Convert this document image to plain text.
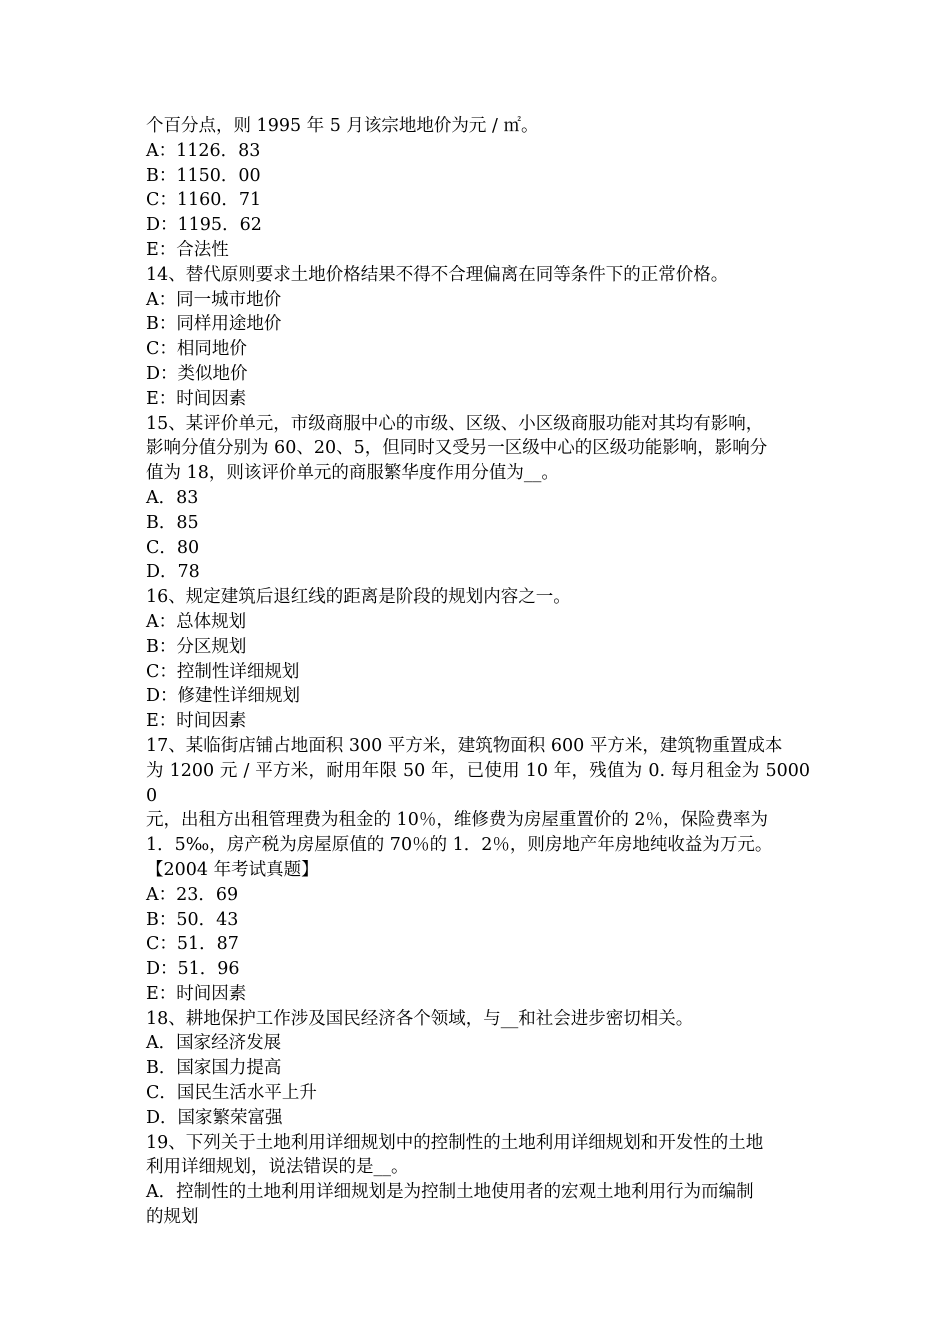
个百分点，则 1995 年 5 月该宗地地价为元 / ㎡。

A：1126．83

B：1150．00

C：1160．71

D：1195．62

E：合法性

14、替代原则要求土地价格结果不得不合理偏离在同等条件下的正常价格。

A：同一城市地价

B：同样用途地价

C：相同地价

D：类似地价

E：时间因素

15、某评价单元，市级商服中心的市级、区级、小区级商服功能对其均有影响，

影响分值分别为 60、20、5，但同时又受另一区级中心的区级功能影响，影响分

值为 18，则该评价单元的商服繁华度作用分值为__。

A．83

B．85

C．80

D．78

16、规定建筑后退红线的距离是阶段的规划内容之一。

A：总体规划

B：分区规划

C：控制性详细规划

D：修建性详细规划

E：时间因素

17、某临街店铺占地面积 300 平方米，建筑物面积 600 平方米，建筑物重置成本

为 1200 元 / 平方米，耐用年限 50 年，已使用 10 年，残值为 0. 每月租金为 50000

元，出租方出租管理费为租金的 10％，维修费为房屋重置价的 2％，保险费率为

1．5‰，房产税为房屋原值的 70％的 1．2％，则房地产年房地纯收益为万元。

【2004 年考试真题】

A：23．69

B：50．43

C：51．87

D：51．96

E：时间因素

18、耕地保护工作涉及国民经济各个领域，与__和社会进步密切相关。

A．国家经济发展

B．国家国力提高

C．国民生活水平上升

D．国家繁荣富强

19、下列关于土地利用详细规划中的控制性的土地利用详细规划和开发性的土地

利用详细规划，说法错误的是__。

A．控制性的土地利用详细规划是为控制土地使用者的宏观土地利用行为而编制

的规划
